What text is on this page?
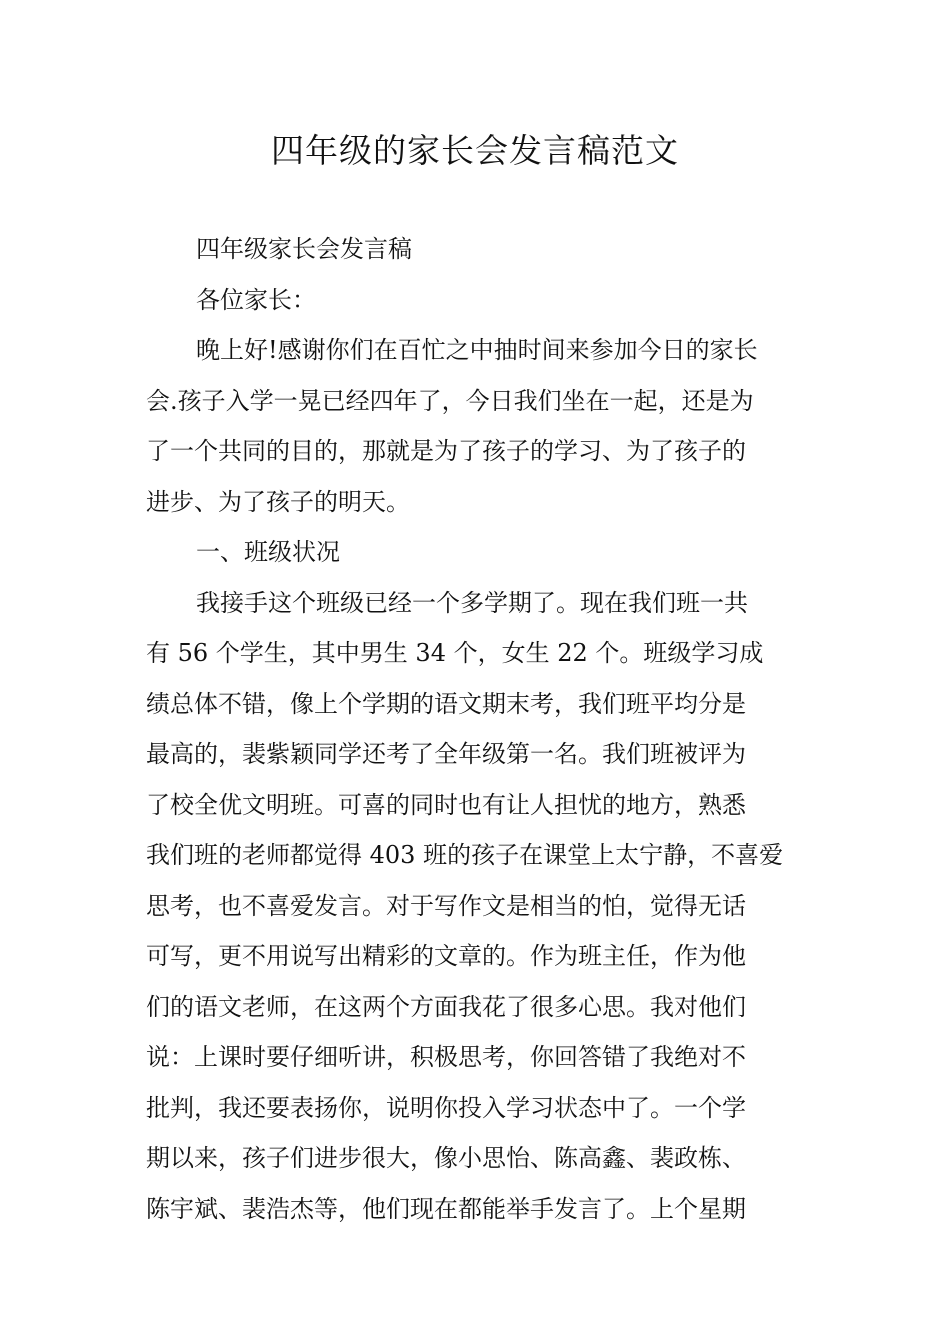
四年级的家长会发言稿范文
四年级家长会发言稿
各位家长：
晚上好!感谢你们在百忙之中抽时间来参加今日的家长
会.孩子入学一晃已经四年了，今日我们坐在一起，还是为
了一个共同的目的，那就是为了孩子的学习、为了孩子的
进步、为了孩子的明天。
一、班级状况
我接手这个班级已经一个多学期了。现在我们班一共
有 56 个学生，其中男生 34 个，女生 22 个。班级学习成
绩总体不错，像上个学期的语文期末考，我们班平均分是
最高的，裴紫颖同学还考了全年级第一名。我们班被评为
了校全优文明班。可喜的同时也有让人担忧的地方，熟悉
我们班的老师都觉得 403 班的孩子在课堂上太宁静，不喜爱
思考，也不喜爱发言。对于写作文是相当的怕，觉得无话
可写，更不用说写出精彩的文章的。作为班主任，作为他
们的语文老师，在这两个方面我花了很多心思。我对他们
说：上课时要仔细听讲，积极思考，你回答错了我绝对不
批判，我还要表扬你，说明你投入学习状态中了。一个学
期以来，孩子们进步很大，像小思怡、陈高鑫、裴政栋、
陈宇斌、裴浩杰等，他们现在都能举手发言了。上个星期
